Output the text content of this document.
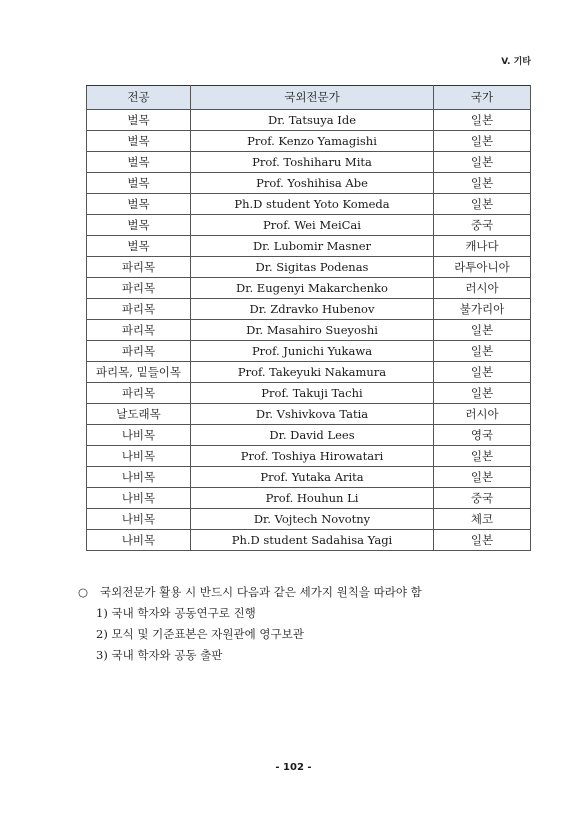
V. 기타
전공	국외전문가	국가
벌목	Dr. Tatsuya Ide	일본
벌목	Prof. Kenzo Yamagishi	일본
벌목	Prof. Toshiharu Mita	일본
벌목	Prof. Yoshihisa Abe	일본
벌목	Ph.D student Yoto Komeda	일본
벌목	Prof. Wei MeiCai	중국
벌목	Dr. Lubomir Masner	캐나다
파리목	Dr. Sigitas Podenas	라투아니아
파리목	Dr. Eugenyi Makarchenko	러시아
파리목	Dr. Zdravko Hubenov	불가리아
파리목	Dr. Masahiro Sueyoshi	일본
파리목	Prof. Junichi Yukawa	일본
파리목, 밑들이목	Prof. Takeyuki Nakamura	일본
파리목	Prof. Takuji Tachi	일본
날도래목	Dr. Vshivkova Tatia	러시아
나비목	Dr. David Lees	영국
나비목	Prof. Toshiya Hirowatari	일본
나비목	Prof. Yutaka Arita	일본
나비목	Prof. Houhun Li	중국
나비목	Dr. Vojtech Novotny	체코
나비목	Ph.D student Sadahisa Yagi	일본
○	국외전문가 활용 시 반드시 다음과 같은 세가지 원칙을 따라야 함
1) 국내 학자와 공동연구로 진행
2) 모식 및 기준표본은 자원관에 영구보관
3) 국내 학자와 공동 출판
- 102 -
